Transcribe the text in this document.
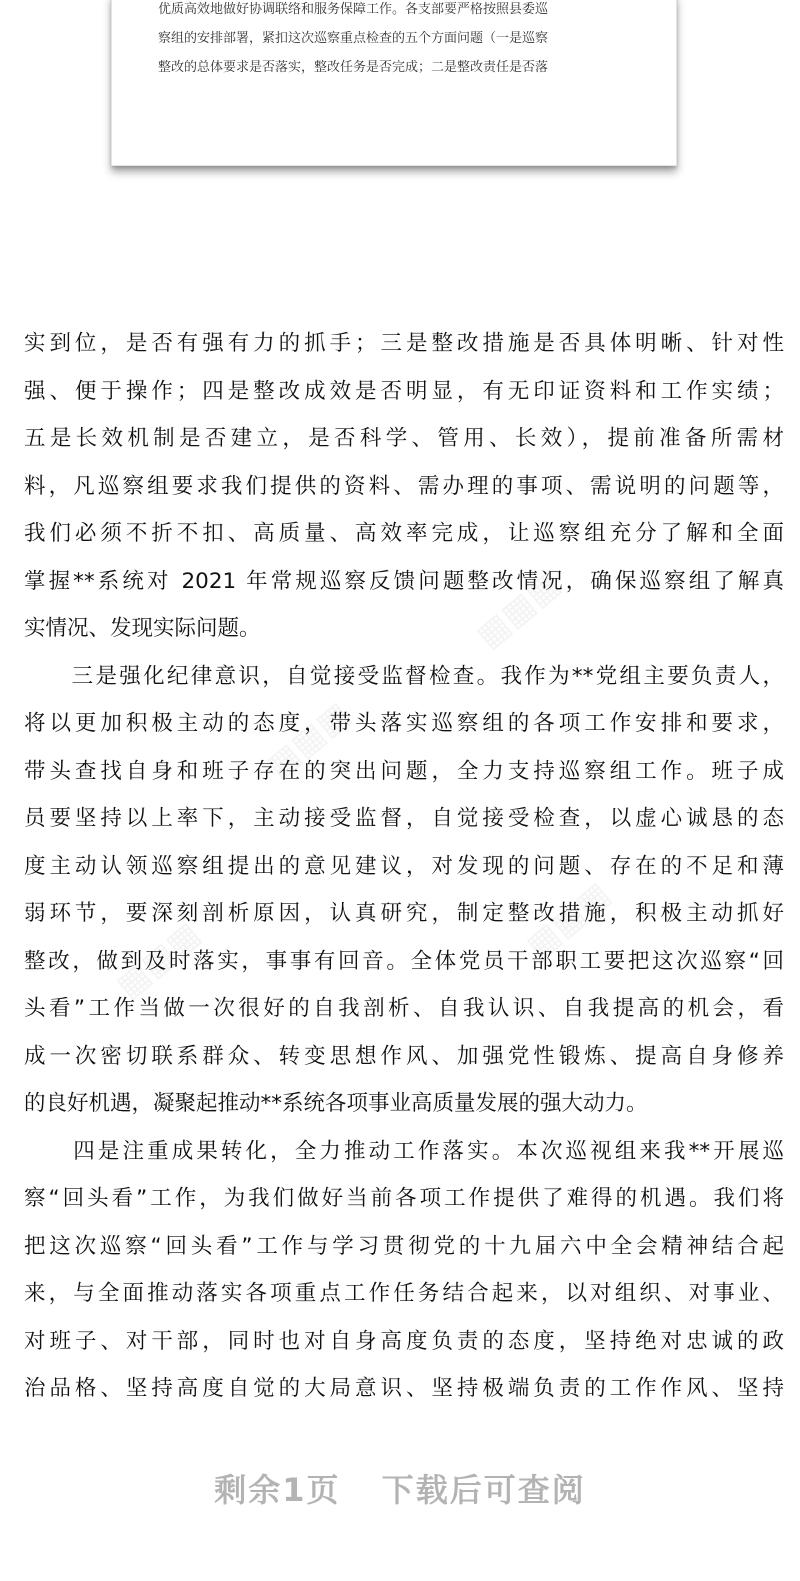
优质高效地做好协调联络和服务保障工作。各支部要严格按照县委巡
察组的安排部署，紧扣这次巡察重点检查的五个方面问题（一是巡察
整改的总体要求是否落实，整改任务是否完成；二是整改责任是否落
实到位，是否有强有力的抓手；三是整改措施是否具体明晰、针对性
强、便于操作；四是整改成效是否明显，有无印证资料和工作实绩；
五是长效机制是否建立，是否科学、管用、长效），提前准备所需材
料，凡巡察组要求我们提供的资料、需办理的事项、需说明的问题等，
我们必须不折不扣、高质量、高效率完成，让巡察组充分了解和全面
掌握**系统对 2021 年常规巡察反馈问题整改情况，确保巡察组了解真
实情况、发现实际问题。
　　三是强化纪律意识，自觉接受监督检查。我作为**党组主要负责人，
将以更加积极主动的态度，带头落实巡察组的各项工作安排和要求，
带头查找自身和班子存在的突出问题，全力支持巡察组工作。班子成
员要坚持以上率下，主动接受监督，自觉接受检查，以虚心诚恳的态
度主动认领巡察组提出的意见建议，对发现的问题、存在的不足和薄
弱环节，要深刻剖析原因，认真研究，制定整改措施，积极主动抓好
整改，做到及时落实，事事有回音。全体党员干部职工要把这次巡察“回
头看”工作当做一次很好的自我剖析、自我认识、自我提高的机会，看
成一次密切联系群众、转变思想作风、加强党性锻炼、提高自身修养
的良好机遇，凝聚起推动**系统各项事业高质量发展的强大动力。
　　四是注重成果转化，全力推动工作落实。本次巡视组来我**开展巡
察“回头看”工作，为我们做好当前各项工作提供了难得的机遇。我们将
把这次巡察“回头看”工作与学习贯彻党的十九届六中全会精神结合起
来，与全面推动落实各项重点工作任务结合起来，以对组织、对事业、
对班子、对干部，同时也对自身高度负责的态度，坚持绝对忠诚的政
治品格、坚持高度自觉的大局意识、坚持极端负责的工作作风、坚持
剩余1页 下载后可查阅
